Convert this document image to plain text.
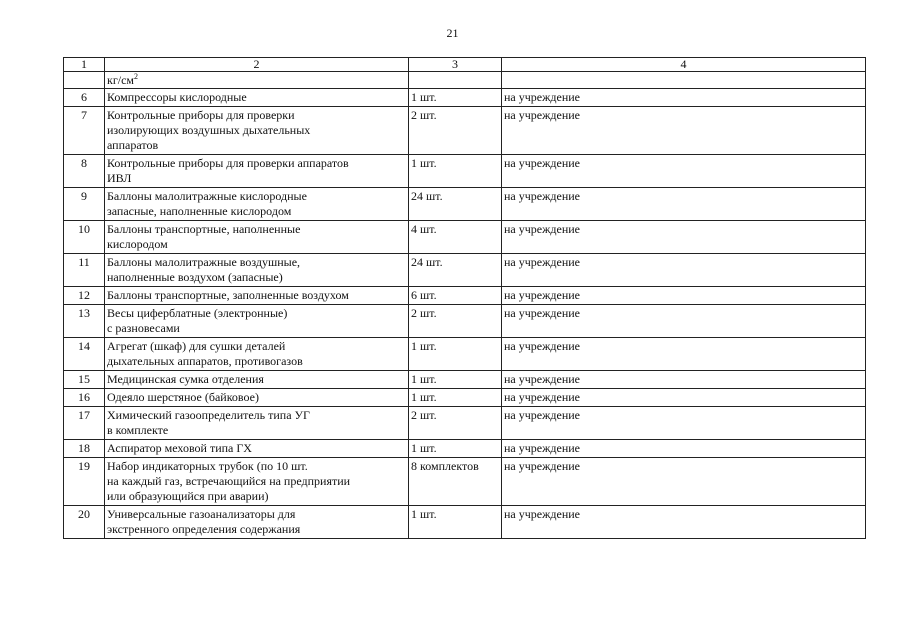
21
1	2	3	4
	$кг/см^2$		
6	Компрессоры кислородные	1 шт.	на учреждение
7	Контрольные приборы для проверки
изолирующих воздушных дыхательных
аппаратов	2 шт.	на учреждение
8	Контрольные приборы для проверки аппаратов
ИВЛ	1 шт.	на учреждение
9	Баллоны малолитражные кислородные
запасные, наполненные кислородом	24 шт.	на учреждение
10	Баллоны транспортные, наполненные
кислородом	4 шт.	на учреждение
11	Баллоны малолитражные воздушные,
наполненные воздухом (запасные)	24 шт.	на учреждение
12	Баллоны транспортные, заполненные воздухом	6 шт.	на учреждение
13	Весы циферблатные (электронные)
с разновесами	2 шт.	на учреждение
14	Агрегат (шкаф) для сушки деталей
дыхательных аппаратов, противогазов	1 шт.	на учреждение
15	Медицинская сумка отделения	1 шт.	на учреждение
16	Одеяло шерстяное (байковое)	1 шт.	на учреждение
17	Химический газоопределитель типа УГ
в комплекте	2 шт.	на учреждение
18	Аспиратор меховой типа ГХ	1 шт.	на учреждение
19	Набор индикаторных трубок (по 10 шт.
на каждый газ, встречающийся на предприятии
или образующийся при аварии)	8 комплектов	на учреждение
20	Универсальные газоанализаторы для
экстренного определения содержания	1 шт.	на учреждение
